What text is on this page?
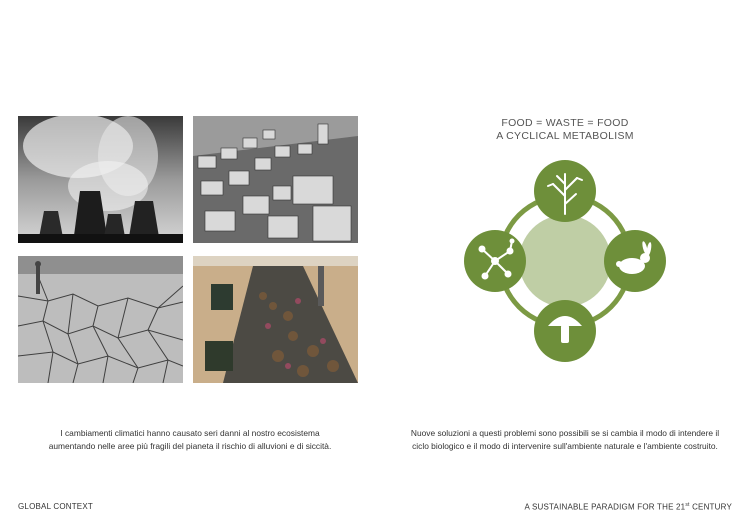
I cambiamenti climatici hanno causato seri danni al nostro ecosistema aumentando nelle aree più fragili del pianeta il rischio di alluvioni e di siccità.
GLOBAL CONTEXT
FOOD = WASTE = FOOD
A CYCLICAL METABOLISM
Nuove soluzioni a questi problemi sono possibili se si cambia il modo di intendere il ciclo biologico e il modo di intervenire sull'ambiente naturale e l'ambiente costruito.
A SUSTAINABLE PARADIGM FOR THE 21st CENTURY
